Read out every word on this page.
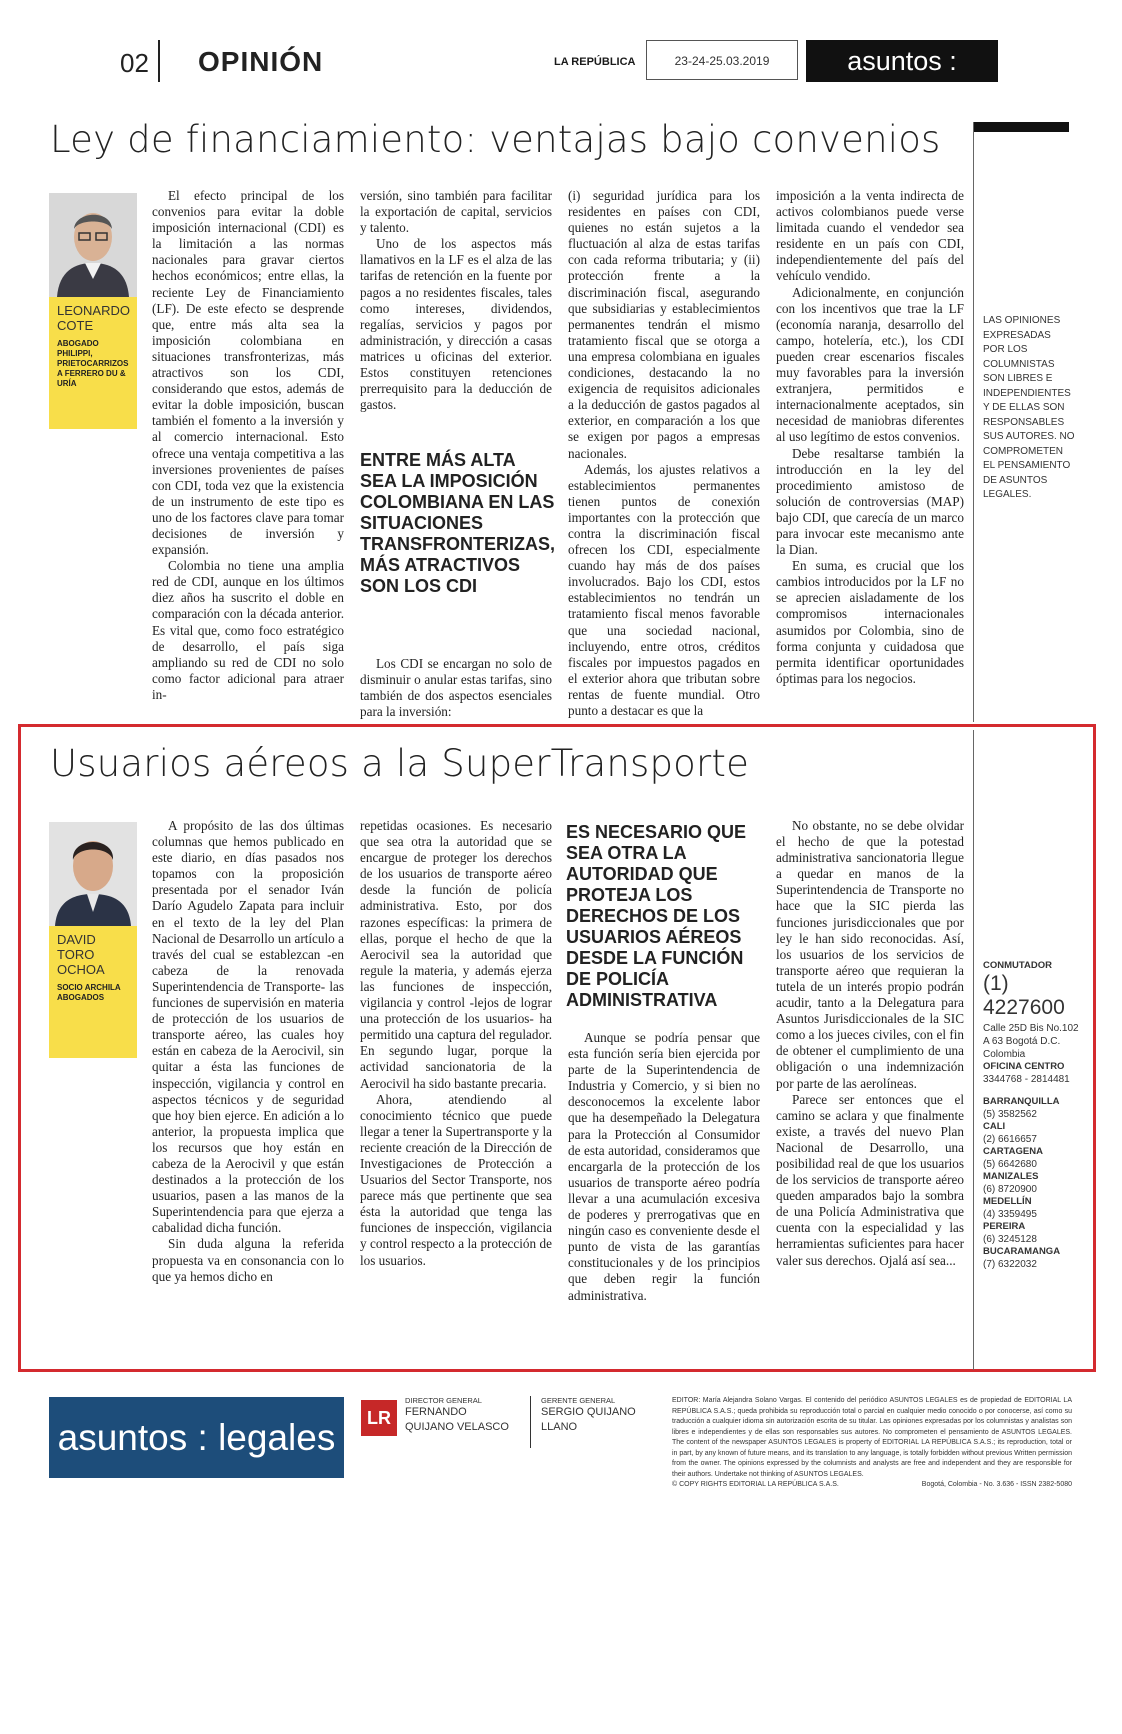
02 OPINIÓN	LA REPÚBLICA	23-24-25.03.2019	asuntos : legales
Ley de financiamiento: ventajas bajo convenios
LEONARDO COTE
ABOGADO PHILIPPI, PRIETOCARRIZOS A FERRERO DU & URÍA

El efecto principal de los convenios para evitar la doble imposición internacional (CDI) es la limitación a las normas nacionales para gravar ciertos hechos económicos; entre ellas, la reciente Ley de Financiamiento (LF). De este efecto se desprende que, entre más alta sea la imposición colombiana en situaciones transfronterizas, más atractivos son los CDI, considerando que estos, además de evitar la doble imposición, buscan también el fomento a la inversión y al comercio internacional. Esto ofrece una ventaja competitiva a las inversiones provenientes de países con CDI, toda vez que la existencia de un instrumento de este tipo es uno de los factores clave para tomar decisiones de inversión y expansión.

Colombia no tiene una amplia red de CDI, aunque en los últimos diez años ha suscrito el doble en comparación con la década anterior. Es vital que, como foco estratégico de desarrollo, el país siga ampliando su red de CDI no solo como factor adicional para atraer in-

versión, sino también para facilitar la exportación de capital, servicios y talento.

Uno de los aspectos más llamativos en la LF es el alza de las tarifas de retención en la fuente por pagos a no residentes fiscales, tales como intereses, dividendos, regalías, servicios y pagos por administración, y dirección a casas matrices u oficinas del exterior. Estos constituyen retenciones prerrequisito para la deducción de gastos.

ENTRE MÁS ALTA SEA LA IMPOSICIÓN COLOMBIANA EN LAS SITUACIONES TRANSFRONTERIZAS, MÁS ATRACTIVOS SON LOS CDI

Los CDI se encargan no solo de disminuir o anular estas tarifas, sino también de dos aspectos esenciales para la inversión:

(i) seguridad jurídica para los residentes en países con CDI, quienes no están sujetos a la fluctuación al alza de estas tarifas con cada reforma tributaria; y (ii) protección frente a la discriminación fiscal, asegurando que subsidiarias y establecimientos permanentes tendrán el mismo tratamiento fiscal que se otorga a una empresa colombiana en iguales condiciones, destacando la no exigencia de requisitos adicionales a la deducción de gastos pagados al exterior, en comparación a los que se exigen por pagos a empresas nacionales.

Además, los ajustes relativos a establecimientos permanentes tienen puntos de conexión importantes con la protección que contra la discriminación fiscal ofrecen los CDI, especialmente cuando hay más de dos países involucrados. Bajo los CDI, estos establecimientos no tendrán un tratamiento fiscal menos favorable que una sociedad nacional, incluyendo, entre otros, créditos fiscales por impuestos pagados en el exterior ahora que tributan sobre rentas de fuente mundial. Otro punto a destacar es que la

imposición a la venta indirecta de activos colombianos puede verse limitada cuando el vendedor sea residente en un país con CDI, independientemente del país del vehículo vendido.

Adicionalmente, en conjunción con los incentivos que trae la LF (economía naranja, desarrollo del campo, hotelería, etc.), los CDI pueden crear escenarios fiscales muy favorables para la inversión extranjera, permitidos e internacionalmente aceptados, sin necesidad de maniobras diferentes al uso legítimo de estos convenios.

Debe resaltarse también la introducción en la ley del procedimiento amistoso de solución de controversias (MAP) bajo CDI, que carecía de un marco para invocar este mecanismo ante la Dian.

En suma, es crucial que los cambios introducidos por la LF no se aprecien aisladamente de los compromisos internacionales asumidos por Colombia, sino de forma conjunta y cuidadosa que permita identificar oportunidades óptimas para los negocios.

LAS OPINIONES EXPRESADAS POR LOS COLUMNISTAS SON LIBRES E INDEPENDIENTES Y DE ELLAS SON RESPONSABLES SUS AUTORES. NO COMPROMETEN EL PENSAMIENTO DE ASUNTOS LEGALES.
CONMUTADOR
(1) 4227600
Calle 25D Bis No.102 A 63 Bogotá D.C. Colombia
OFICINA CENTRO
3344768 - 2814481
BARRANQUILLA
(5) 3582562
CALI
(2) 6616657
CARTAGENA
(5) 6642680
MANIZALES
(6) 8720900
MEDELLÍN
(4) 3359495
PEREIRA
(6) 3245128
BUCARAMANGA
(7) 6322032
Usuarios aéreos a la SuperTransporte
DAVID TORO OCHOA
SOCIO ARCHILA ABOGADOS

A propósito de las dos últimas columnas que hemos publicado en este diario, en días pasados nos topamos con la proposición presentada por el senador Iván Darío Agudelo Zapata para incluir en el texto de la ley del Plan Nacional de Desarrollo un artículo a través del cual se establezcan -en cabeza de la renovada Superintendencia de Transporte- las funciones de supervisión en materia de protección de los usuarios de transporte aéreo, las cuales hoy están en cabeza de la Aerocivil, sin quitar a ésta las funciones de inspección, vigilancia y control en aspectos técnicos y de seguridad que hoy bien ejerce. En adición a lo anterior, la propuesta implica que los recursos que hoy están en cabeza de la Aerocivil y que están destinados a la protección de los usuarios, pasen a las manos de la Superintendencia para que ejerza a cabalidad dicha función.

Sin duda alguna la referida propuesta va en consonancia con lo que ya hemos dicho en

repetidas ocasiones. Es necesario que sea otra la autoridad que se encargue de proteger los derechos de los usuarios de transporte aéreo desde la función de policía administrativa. Esto, por dos razones específicas: la primera de ellas, porque el hecho de que la Aerocivil sea la autoridad que regule la materia, y además ejerza las funciones de inspección, vigilancia y control -lejos de lograr una protección de los usuarios- ha permitido una captura del regulador. En segundo lugar, porque la actividad sancionatoria de la Aerocivil ha sido bastante precaria.

Ahora, atendiendo al conocimiento técnico que puede llegar a tener la Supertransporte y la reciente creación de la Dirección de Investigaciones de Protección a Usuarios del Sector Transporte, nos parece más que pertinente que sea ésta la autoridad que tenga las funciones de inspección, vigilancia y control respecto a la protección de los usuarios.

ES NECESARIO QUE SEA OTRA LA AUTORIDAD QUE PROTEJA LOS DERECHOS DE LOS USUARIOS AÉREOS DESDE LA FUNCIÓN DE POLICÍA ADMINISTRATIVA

Aunque se podría pensar que esta función sería bien ejercida por parte de la Superintendencia de Industria y Comercio, y si bien no desconocemos la excelente labor que ha desempeñado la Delegatura para la Protección al Consumidor de esta autoridad, consideramos que encargarla de la protección de los usuarios de transporte aéreo podría llevar a una acumulación excesiva de poderes y prerrogativas que en ningún caso es conveniente desde el punto de vista de las garantías constitucionales y de los principios que deben regir la función administrativa.

No obstante, no se debe olvidar el hecho de que la potestad administrativa sancionatoria llegue a quedar en manos de la Superintendencia de Transporte no hace que la SIC pierda las funciones jurisdiccionales que por ley le han sido reconocidas. Así, los usuarios de los servicios de transporte aéreo que requieran la tutela de un interés propio podrán acudir, tanto a la Delegatura para Asuntos Jurisdiccionales de la SIC como a los jueces civiles, con el fin de obtener el cumplimiento de una obligación o una indemnización por parte de las aerolíneas.

Parece ser entonces que el camino se aclara y que finalmente existe, a través del nuevo Plan Nacional de Desarrollo, una posibilidad real de que los usuarios de los servicios de transporte aéreo queden amparados bajo la sombra de una Policía Administrativa que cuenta con la especialidad y las herramientas suficientes para hacer valer sus derechos. Ojalá así sea...

asuntos : legales	LR
DIRECTOR GENERAL
FERNANDO QUIJANO VELASCO
GERENTE GENERAL
SERGIO QUIJANO LLANO
EDITOR: María Alejandra Solano Vargas. El contenido del periódico ASUNTOS LEGALES es de propiedad de EDITORIAL LA REPÚBLICA S.A.S.; queda prohibida su reproducción total o parcial en cualquier medio conocido o por conocerse, así como su traducción a cualquier idioma sin autorización escrita de su titular. Las opiniones expresadas por los columnistas y analistas son libres e independientes y de ellas son responsables sus autores. No comprometen el pensamiento de ASUNTOS LEGALES. The content of the newspaper ASUNTOS LEGALES is property of EDITORIAL LA REPÚBLICA S.A.S.; its reproduction, total or in part, by any known of future means, and its translation to any language, is totally forbidden without previous Written permission from the owner. The opinions expressed by the columnists and analysts are free and independent and they are responsible for their authors. Undertake not thinking of ASUNTOS LEGALES.
© COPY RIGHTS EDITORIAL LA REPÚBLICA S.A.S.	Bogotá, Colombia - No. 3.636 - ISSN 2382-5080
